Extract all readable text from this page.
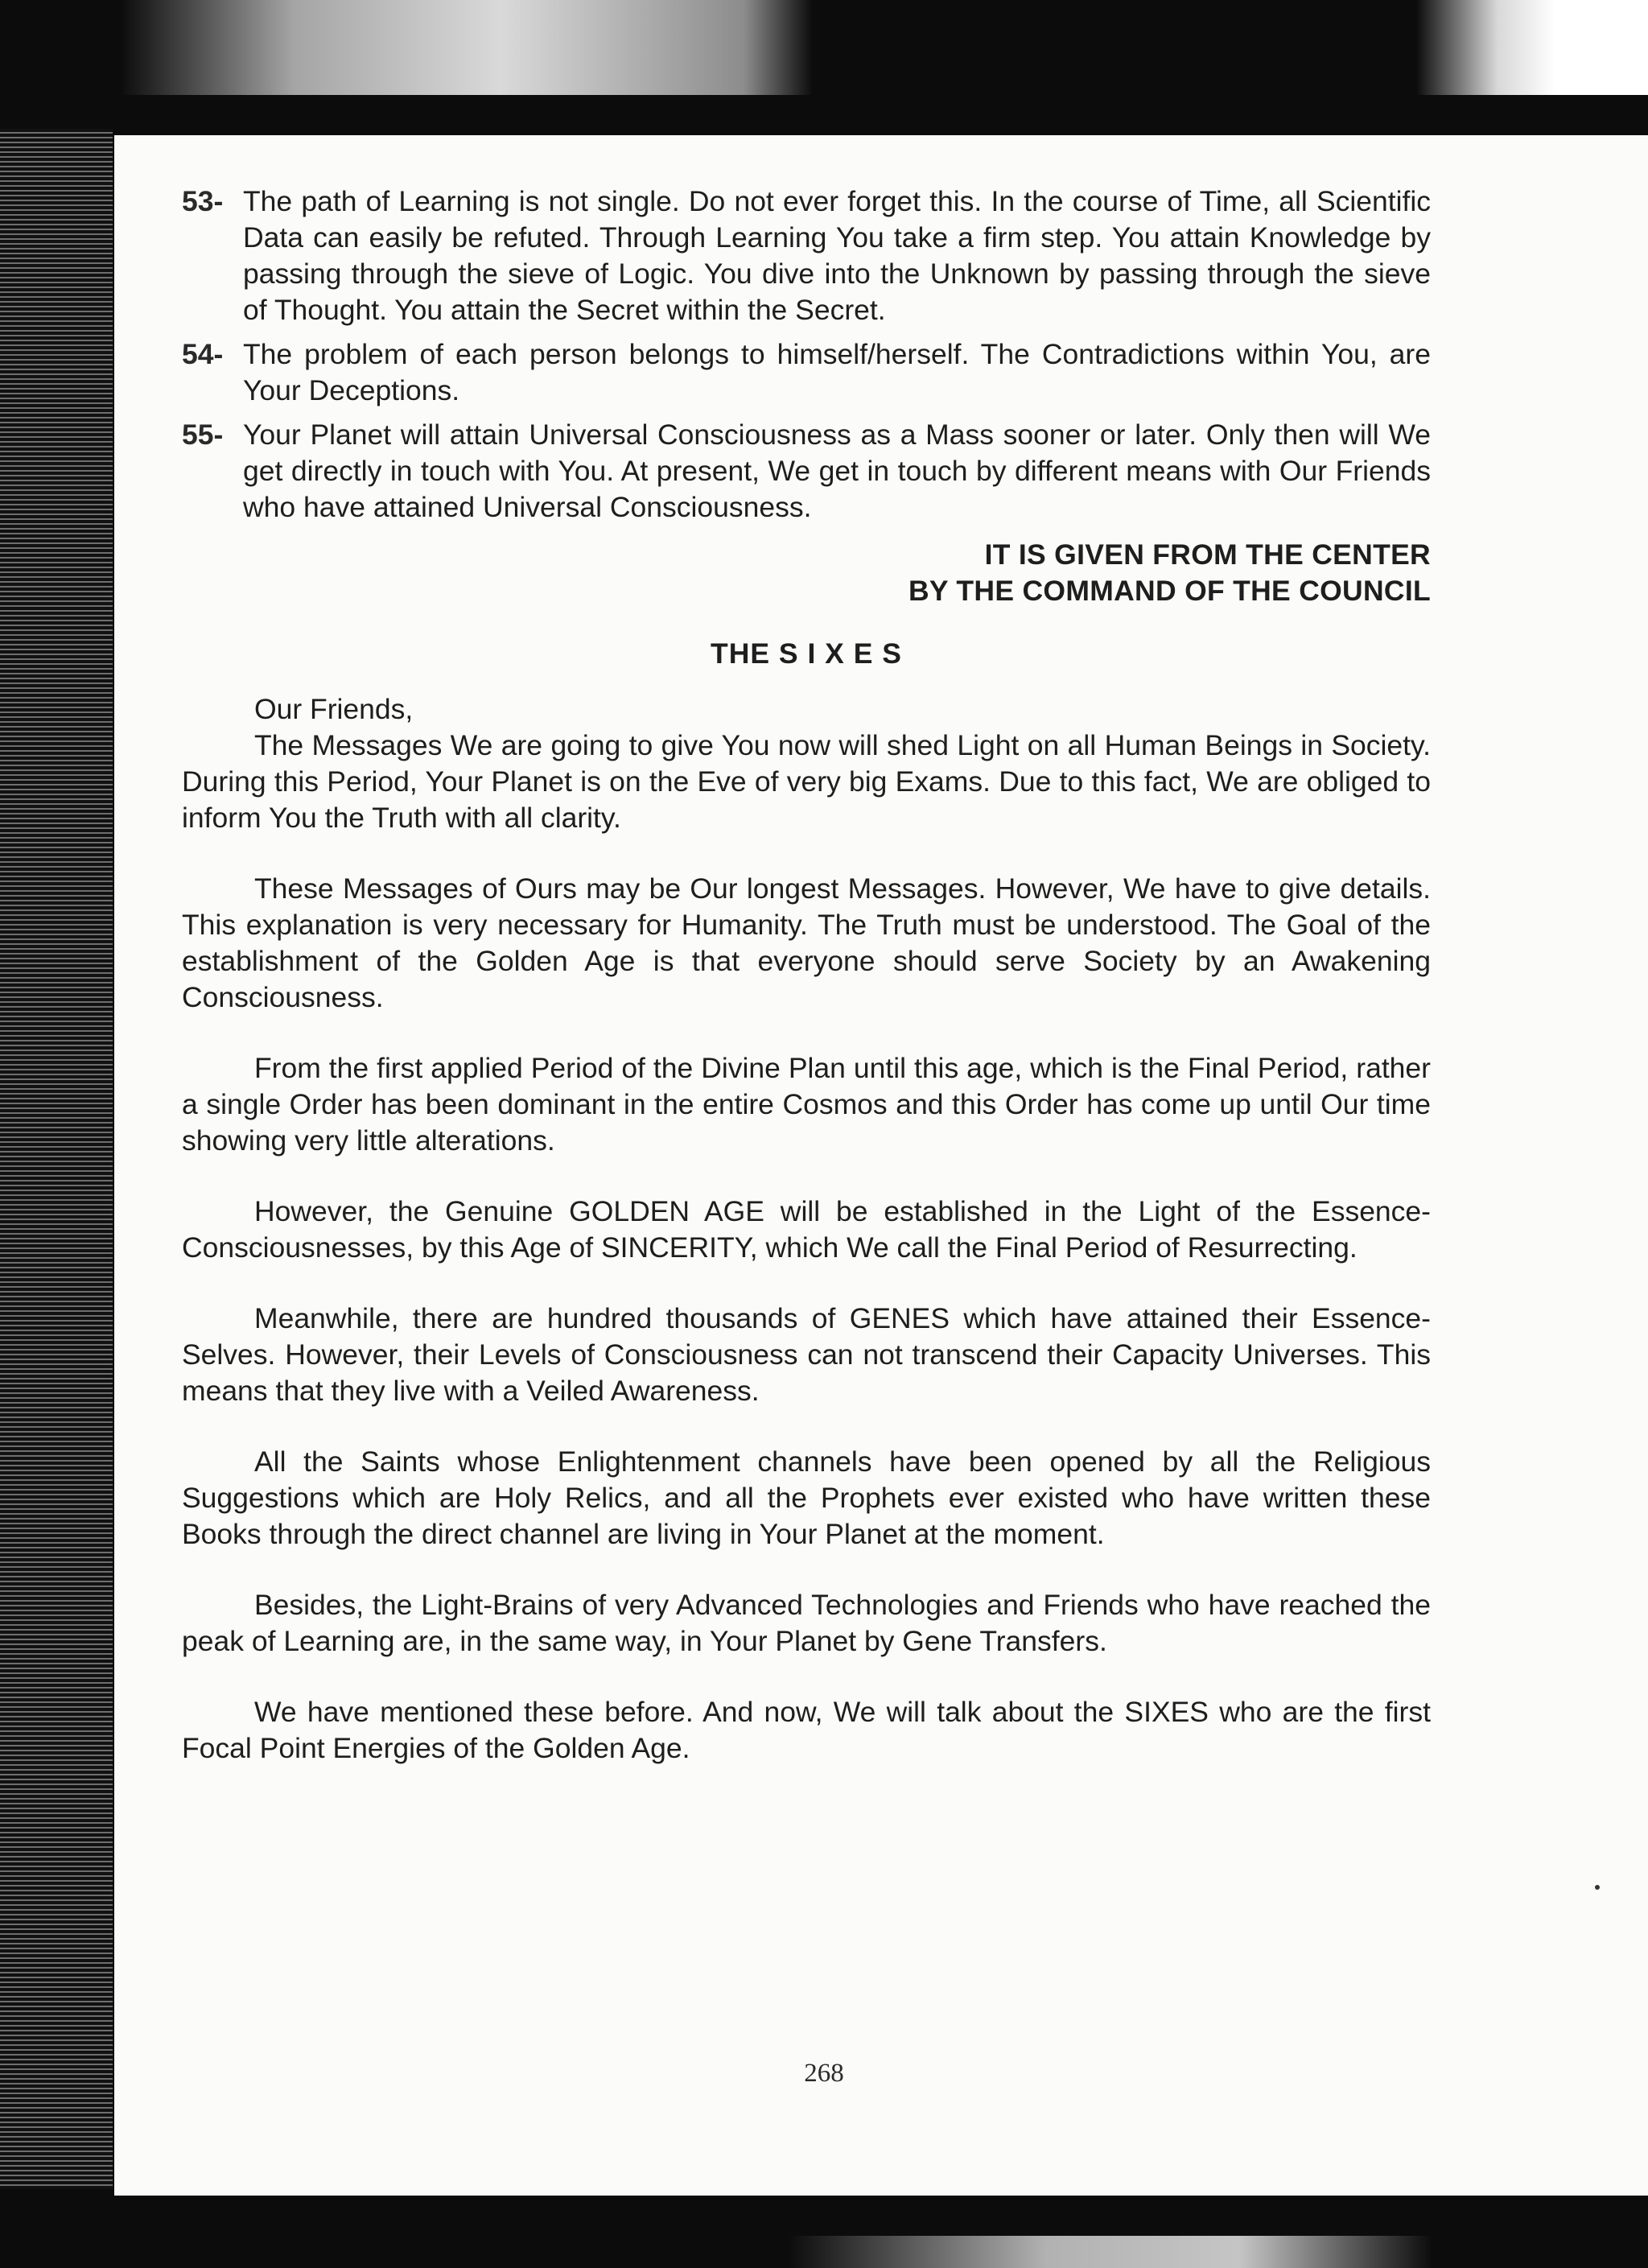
53- The path of Learning is not single. Do not ever forget this. In the course of Time, all Scientific Data can easily be refuted. Through Learning You take a firm step. You attain Knowledge by passing through the sieve of Logic. You dive into the Unknown by passing through the sieve of Thought. You attain the Secret within the Secret.
54- The problem of each person belongs to himself/herself. The Contradictions within You, are Your Deceptions.
55- Your Planet will attain Universal Consciousness as a Mass sooner or later. Only then will We get directly in touch with You. At present, We get in touch by different means with Our Friends who have attained Universal Consciousness.
IT IS GIVEN FROM THE CENTER
BY THE COMMAND OF THE COUNCIL
THE S I X E S
Our Friends,

The Messages We are going to give You now will shed Light on all Human Beings in Society. During this Period, Your Planet is on the Eve of very big Exams. Due to this fact, We are obliged to inform You the Truth with all clarity.

These Messages of Ours may be Our longest Messages. However, We have to give details. This explanation is very necessary for Humanity. The Truth must be understood. The Goal of the establishment of the Golden Age is that everyone should serve Society by an Awakening Consciousness.

From the first applied Period of the Divine Plan until this age, which is the Final Period, rather a single Order has been dominant in the entire Cosmos and this Order has come up until Our time showing very little alterations.

However, the Genuine GOLDEN AGE will be established in the Light of the Essence-Consciousnesses, by this Age of SINCERITY, which We call the Final Period of Resurrecting.

Meanwhile, there are hundred thousands of GENES which have attained their Essence-Selves. However, their Levels of Consciousness can not transcend their Capacity Universes. This means that they live with a Veiled Awareness.

All the Saints whose Enlightenment channels have been opened by all the Religious Suggestions which are Holy Relics, and all the Prophets ever existed who have written these Books through the direct channel are living in Your Planet at the moment.

Besides, the Light-Brains of very Advanced Technologies and Friends who have reached the peak of Learning are, in the same way, in Your Planet by Gene Transfers.

We have mentioned these before. And now, We will talk about the SIXES who are the first Focal Point Energies of the Golden Age.

268
